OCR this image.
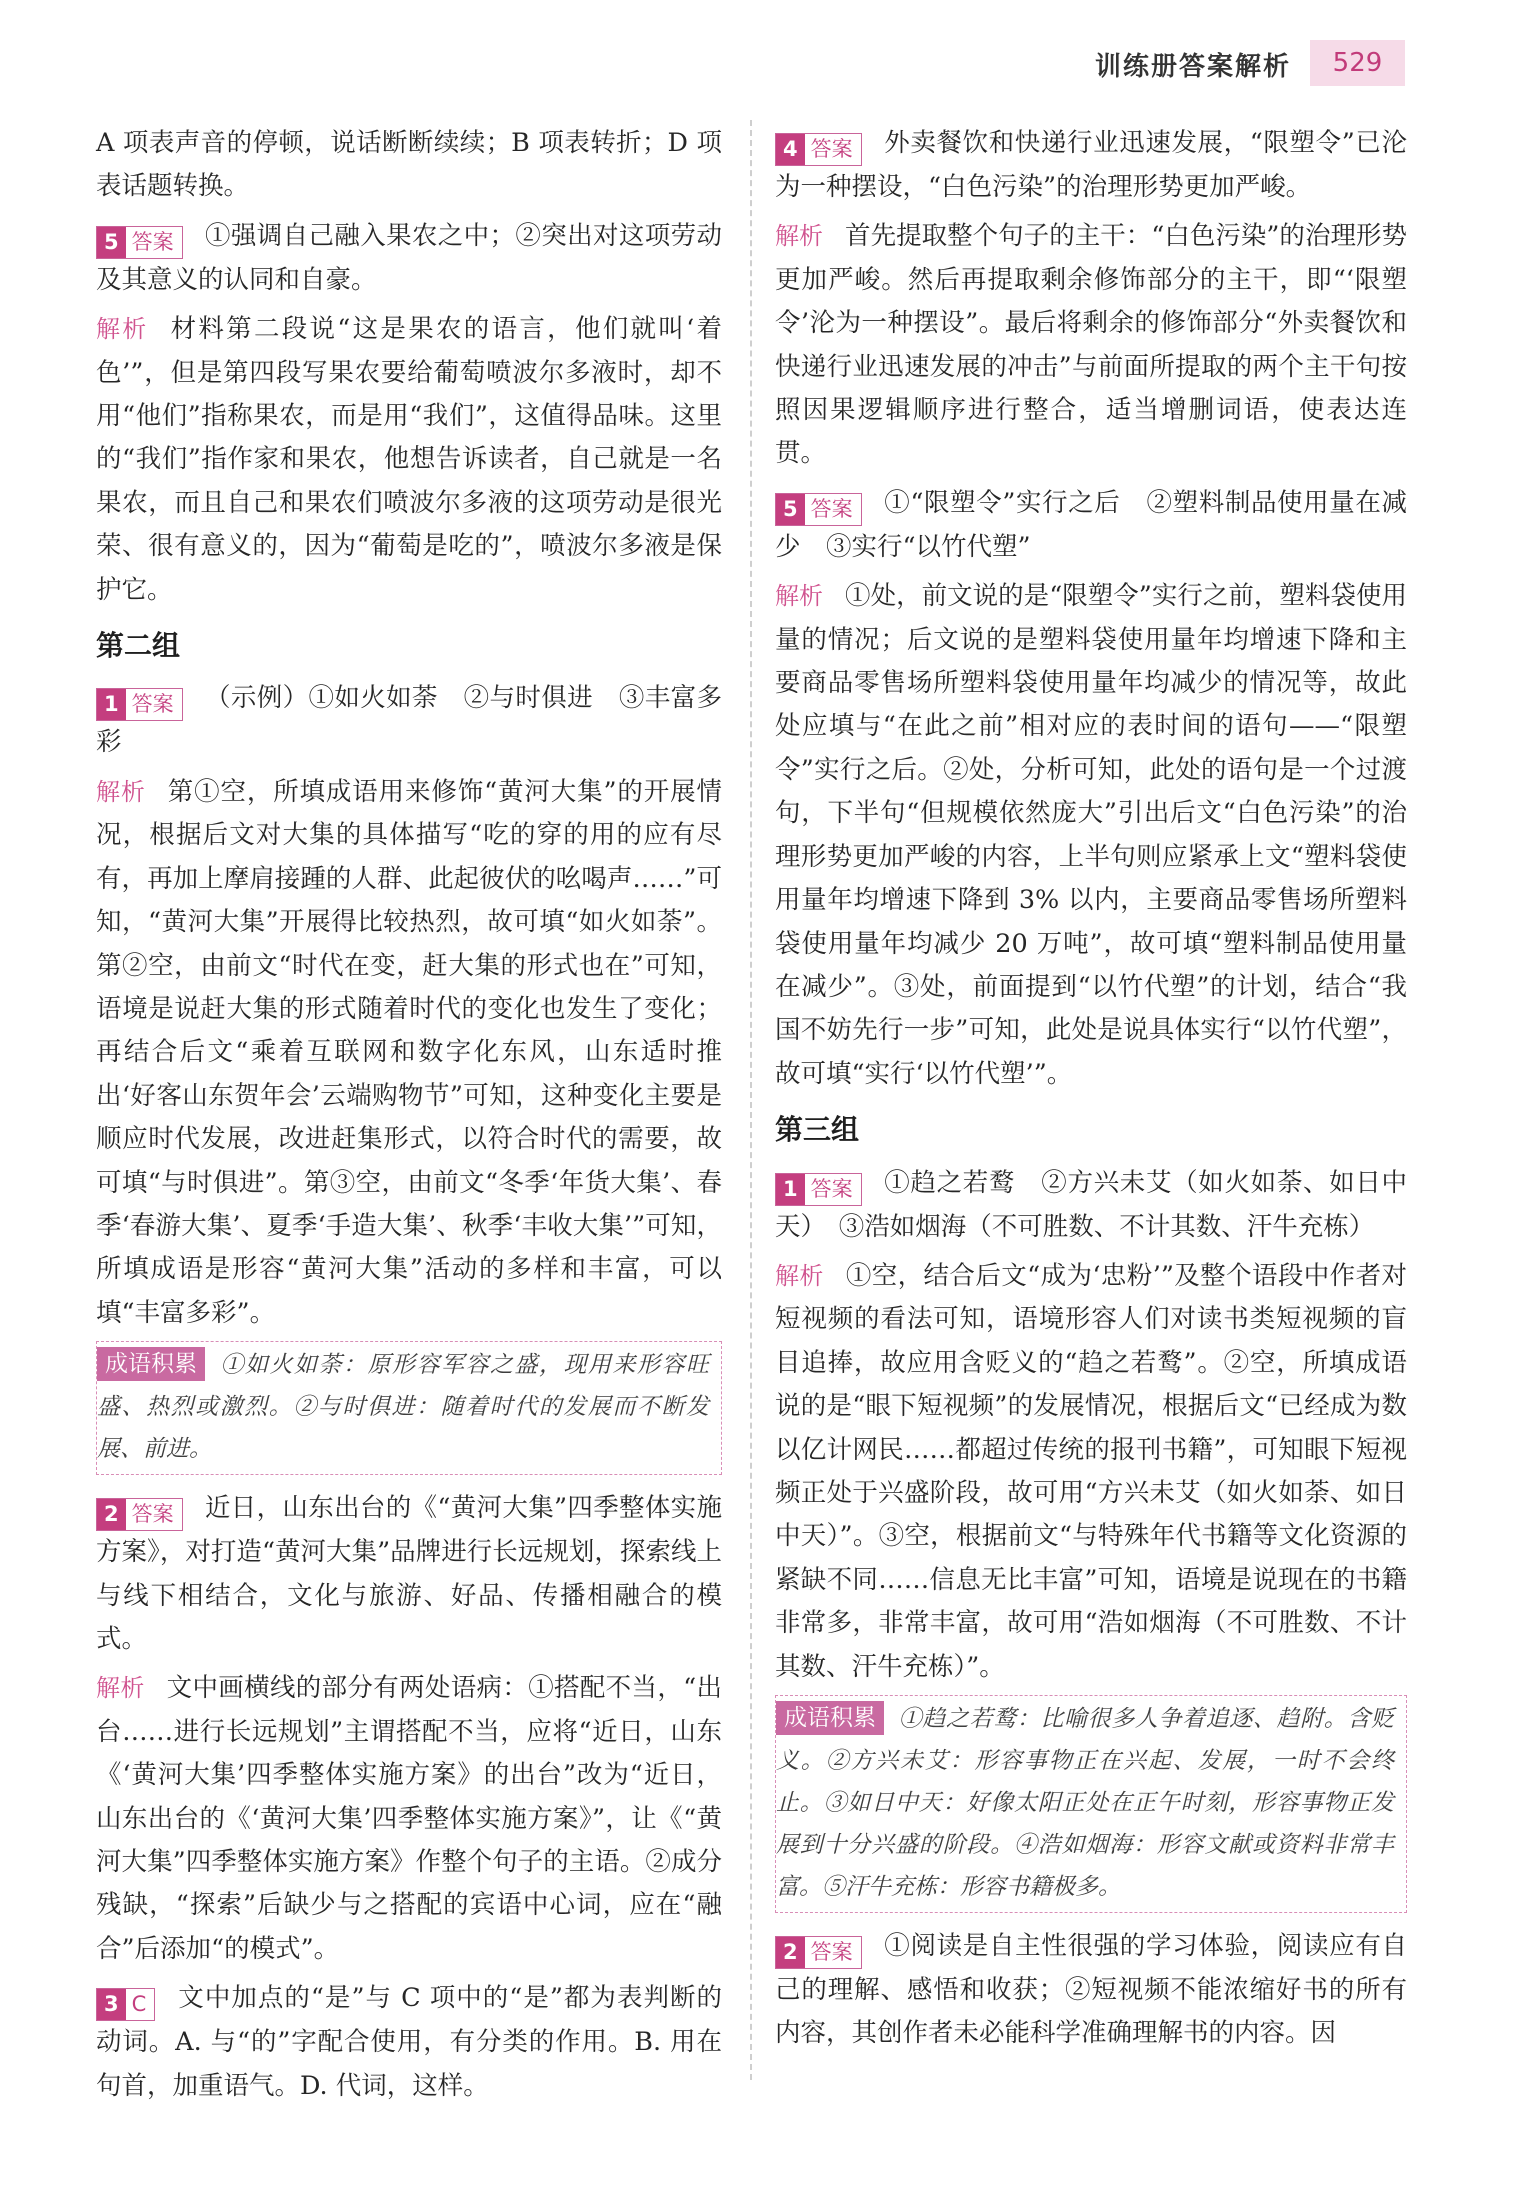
训练册答案解析	529

A 项表声音的停顿，说话断断续续；B 项表转折；D 项表话题转换。

5 答案	①强调自己融入果农之中；②突出对这项劳动及其意义的认同和自豪。

解析 材料第二段说“这是果农的语言，他们就叫‘着色’”，但是第四段写果农要给葡萄喷波尔多液时，却不用“他们”指称果农，而是用“我们”，这值得品味。这里的“我们”指作家和果农，他想告诉读者，自己就是一名果农，而且自己和果农们喷波尔多液的这项劳动是很光荣、很有意义的，因为“葡萄是吃的”，喷波尔多液是保护它。

第二组

1 答案	（示例）①如火如荼　②与时俱进　③丰富多彩

解析 第①空，所填成语用来修饰“黄河大集”的开展情况，根据后文对大集的具体描写“吃的穿的用的应有尽有，再加上摩肩接踵的人群、此起彼伏的吆喝声……”可知，“黄河大集”开展得比较热烈，故可填“如火如荼”。第②空，由前文“时代在变，赶大集的形式也在”可知，语境是说赶大集的形式随着时代的变化也发生了变化；再结合后文“乘着互联网和数字化东风，山东适时推出‘好客山东贺年会’云端购物节”可知，这种变化主要是顺应时代发展，改进赶集形式，以符合时代的需要，故可填“与时俱进”。第③空，由前文“冬季‘年货大集’、春季‘春游大集’、夏季‘手造大集’、秋季‘丰收大集’”可知，所填成语是形容“黄河大集”活动的多样和丰富，可以填“丰富多彩”。

成语积累 ①如火如荼：原形容军容之盛，现用来形容旺盛、热烈或激烈。②与时俱进：随着时代的发展而不断发展、前进。

2 答案	近日，山东出台的《“黄河大集”四季整体实施方案》，对打造“黄河大集”品牌进行长远规划，探索线上与线下相结合，文化与旅游、好品、传播相融合的模式。

解析 文中画横线的部分有两处语病：①搭配不当，“出台……进行长远规划”主谓搭配不当，应将“近日，山东《‘黄河大集’四季整体实施方案》的出台”改为“近日，山东出台的《‘黄河大集’四季整体实施方案》”，让《“黄河大集”四季整体实施方案》作整个句子的主语。②成分残缺，“探索”后缺少与之搭配的宾语中心词，应在“融合”后添加“的模式”。

3 C	文中加点的“是”与 C 项中的“是”都为表判断的动词。A. 与“的”字配合使用，有分类的作用。B. 用在句首，加重语气。D. 代词，这样。

4 答案	外卖餐饮和快递行业迅速发展，“限塑令”已沦为一种摆设，“白色污染”的治理形势更加严峻。

解析 首先提取整个句子的主干：“白色污染”的治理形势更加严峻。然后再提取剩余修饰部分的主干，即“‘限塑令’沦为一种摆设”。最后将剩余的修饰部分“外卖餐饮和快递行业迅速发展的冲击”与前面所提取的两个主干句按照因果逻辑顺序进行整合，适当增删词语，使表达连贯。

5 答案	①“限塑令”实行之后　②塑料制品使用量在减少　③实行“以竹代塑”

解析 ①处，前文说的是“限塑令”实行之前，塑料袋使用量的情况；后文说的是塑料袋使用量年均增速下降和主要商品零售场所塑料袋使用量年均减少的情况等，故此处应填与“在此之前”相对应的表时间的语句——“限塑令”实行之后。②处，分析可知，此处的语句是一个过渡句，下半句“但规模依然庞大”引出后文“白色污染”的治理形势更加严峻的内容，上半句则应紧承上文“塑料袋使用量年均增速下降到 3% 以内，主要商品零售场所塑料袋使用量年均减少 20 万吨”，故可填“塑料制品使用量在减少”。③处，前面提到“以竹代塑”的计划，结合“我国不妨先行一步”可知，此处是说具体实行“以竹代塑”，故可填“实行‘以竹代塑’”。

第三组

1 答案	①趋之若鹜　②方兴未艾（如火如荼、如日中天）　③浩如烟海（不可胜数、不计其数、汗牛充栋）

解析 ①空，结合后文“成为‘忠粉’”及整个语段中作者对短视频的看法可知，语境形容人们对读书类短视频的盲目追捧，故应用含贬义的“趋之若鹜”。②空，所填成语说的是“眼下短视频”的发展情况，根据后文“已经成为数以亿计网民……都超过传统的报刊书籍”，可知眼下短视频正处于兴盛阶段，故可用“方兴未艾（如火如荼、如日中天）”。③空，根据前文“与特殊年代书籍等文化资源的紧缺不同……信息无比丰富”可知，语境是说现在的书籍非常多，非常丰富，故可用“浩如烟海（不可胜数、不计其数、汗牛充栋）”。

成语积累 ①趋之若鹜：比喻很多人争着追逐、趋附。含贬义。②方兴未艾：形容事物正在兴起、发展，一时不会终止。③如日中天：好像太阳正处在正午时刻，形容事物正发展到十分兴盛的阶段。④浩如烟海：形容文献或资料非常丰富。⑤汗牛充栋：形容书籍极多。

2 答案	①阅读是自主性很强的学习体验，阅读应有自己的理解、感悟和收获；②短视频不能浓缩好书的所有内容，其创作者未必能科学准确理解书的内容。因
